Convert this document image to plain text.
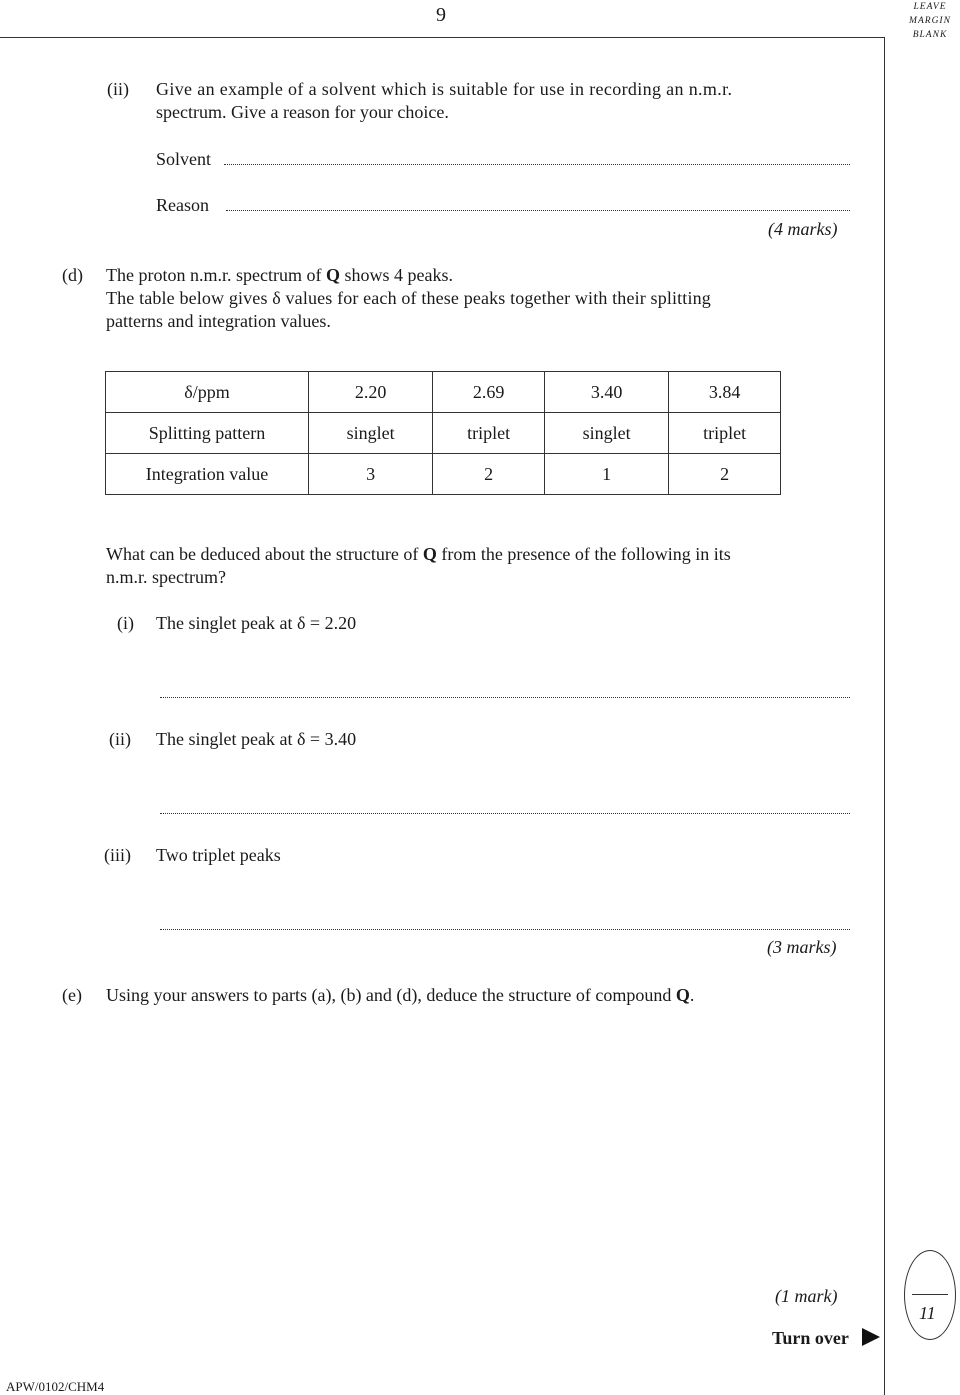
9	LEAVE
MARGIN
BLANK
(ii) Give an example of a solvent which is suitable for use in recording an n.m.r.
spectrum. Give a reason for your choice.
Solvent
Reason
(4 marks)
(d) The proton n.m.r. spectrum of Q shows 4 peaks.
The table below gives δ values for each of these peaks together with their splitting
patterns and integration values.
δ/ppm	2.20	2.69	3.40	3.84
Splitting pattern	singlet	triplet	singlet	triplet
Integration value	3	2	1	2
What can be deduced about the structure of Q from the presence of the following in its
n.m.r. spectrum?
(i) The singlet peak at δ = 2.20
(ii) The singlet peak at δ = 3.40
(iii) Two triplet peaks
(3 marks)
(e) Using your answers to parts (a), (b) and (d), deduce the structure of compound Q.
(1 mark)
11
Turn over
APW/0102/CHM4
